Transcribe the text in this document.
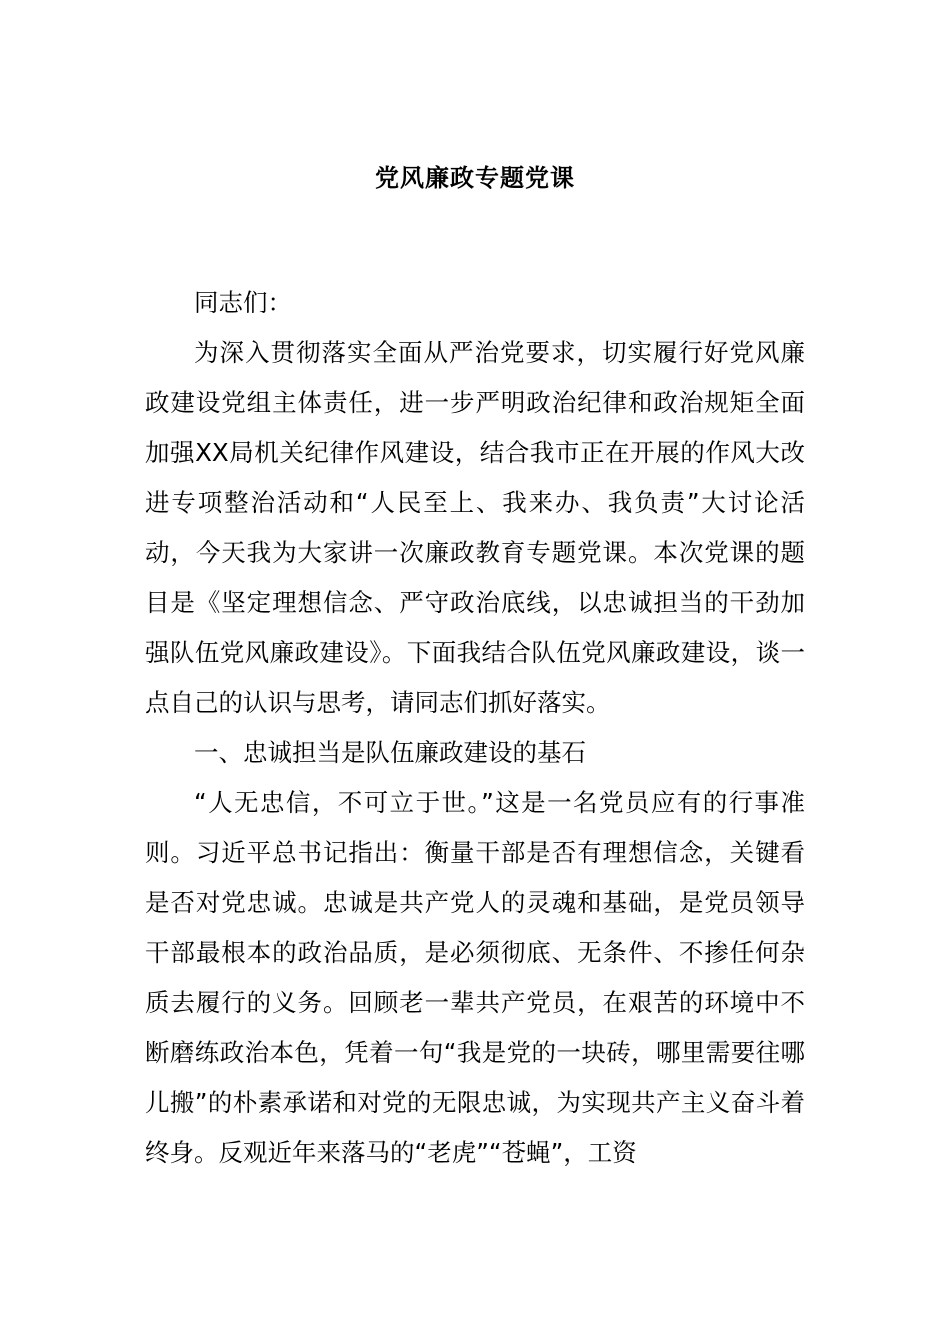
党风廉政专题党课

同志们：

为深入贯彻落实全面从严治党要求，切实履行好党风廉政建设党组主体责任，进一步严明政治纪律和政治规矩全面加强XX局机关纪律作风建设，结合我市正在开展的作风大改进专项整治活动和“人民至上、我来办、我负责”大讨论活动，今天我为大家讲一次廉政教育专题党课。本次党课的题目是《坚定理想信念、严守政治底线，以忠诚担当的干劲加强队伍党风廉政建设》。下面我结合队伍党风廉政建设，谈一点自己的认识与思考，请同志们抓好落实。

一、忠诚担当是队伍廉政建设的基石

“人无忠信，不可立于世。”这是一名党员应有的行事准则。习近平总书记指出：衡量干部是否有理想信念，关键看是否对党忠诚。忠诚是共产党人的灵魂和基础，是党员领导干部最根本的政治品质，是必须彻底、无条件、不掺任何杂质去履行的义务。回顾老一辈共产党员，在艰苦的环境中不断磨练政治本色，凭着一句“我是党的一块砖，哪里需要往哪儿搬”的朴素承诺和对党的无限忠诚，为实现共产主义奋斗着终身。反观近年来落马的“老虎”“苍蝇”，工资
